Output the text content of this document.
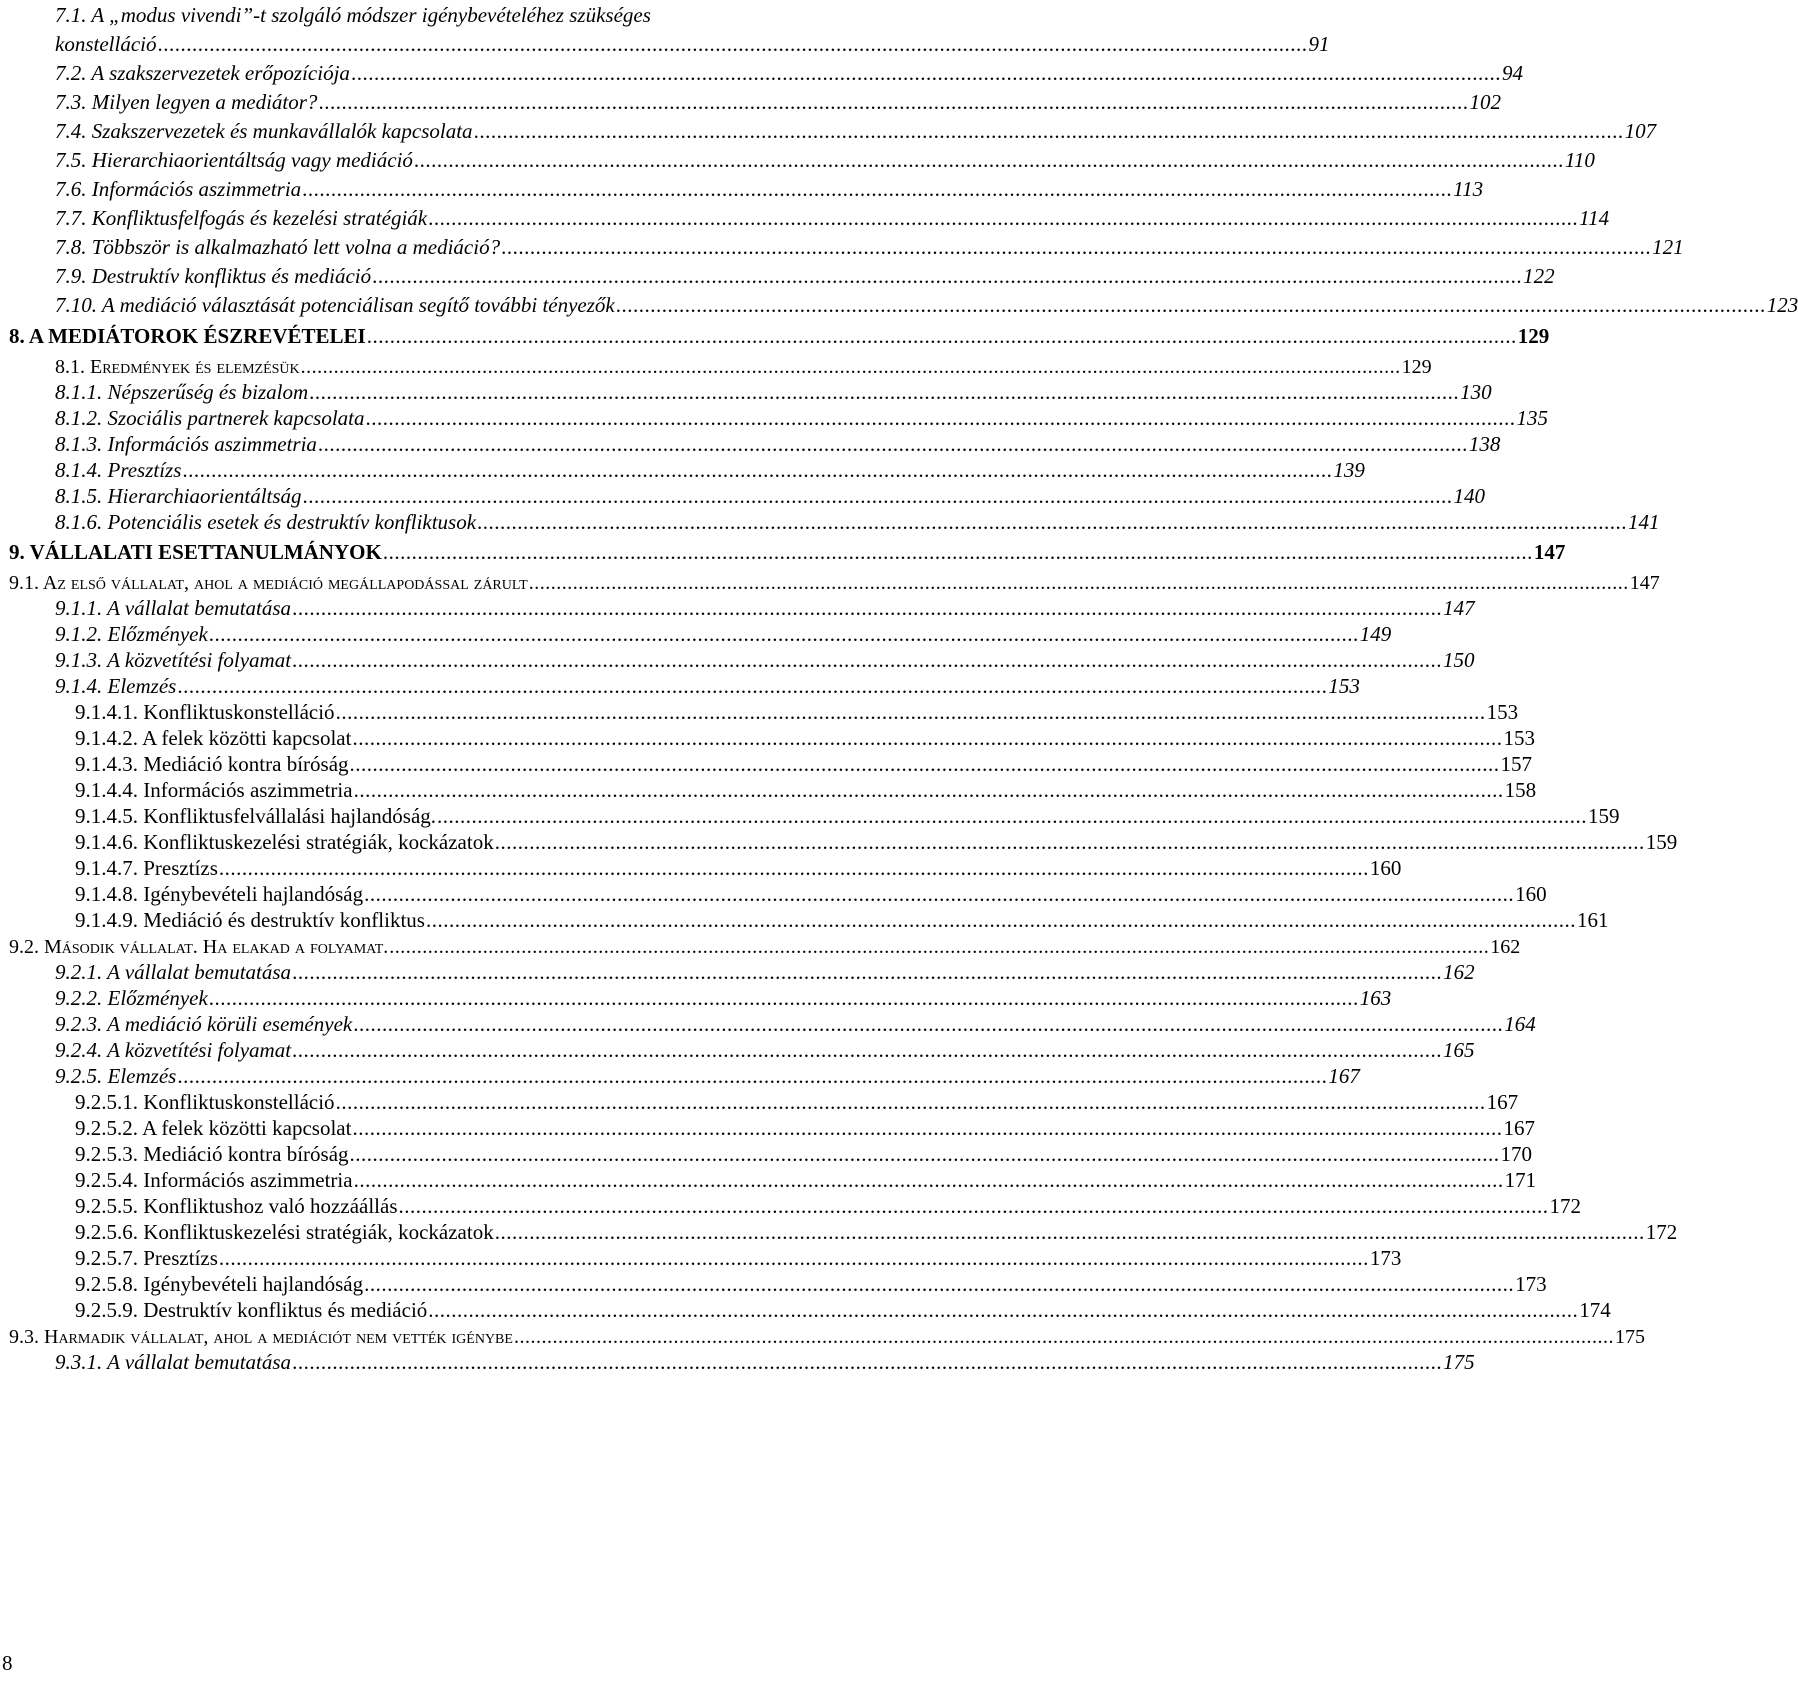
7.1. A „modus vivendi”-t szolgáló módszer igénybevételéhez szükséges
konstelláció ........................................................................................................................................................................................................ 91
7.2. A szakszervezetek erőpozíciója ........................................................................................................................................................................................................ 94
7.3. Milyen legyen a mediátor? ........................................................................................................................................................................................................ 102
7.4. Szakszervezetek és munkavállalók kapcsolata ........................................................................................................................................................................................................ 107
7.5. Hierarchiaorientáltság vagy mediáció ........................................................................................................................................................................................................ 110
7.6. Információs aszimmetria ........................................................................................................................................................................................................ 113
7.7. Konfliktusfelfogás és kezelési stratégiák ........................................................................................................................................................................................................ 114
7.8. Többször is alkalmazható lett volna a mediáció? ........................................................................................................................................................................................................ 121
7.9. Destruktív konfliktus és mediáció ........................................................................................................................................................................................................ 122
7.10. A mediáció választását potenciálisan segítő további tényezők ........................................................................................................................................................................................................ 123
8. A MEDIÁTOROK ÉSZREVÉTELEI ........................................................................................................................................................................................................ 129
8.1. Eredmények és elemzésük ........................................................................................................................................................................................................ 129
8.1.1. Népszerűség és bizalom ........................................................................................................................................................................................................ 130
8.1.2. Szociális partnerek kapcsolata ........................................................................................................................................................................................................ 135
8.1.3. Információs aszimmetria ........................................................................................................................................................................................................ 138
8.1.4. Presztízs ........................................................................................................................................................................................................ 139
8.1.5. Hierarchiaorientáltság ........................................................................................................................................................................................................ 140
8.1.6. Potenciális esetek és destruktív konfliktusok ........................................................................................................................................................................................................ 141
9. VÁLLALATI ESETTANULMÁNYOK ........................................................................................................................................................................................................ 147
9.1. Az első vállalat, ahol a mediáció megállapodással zárult ........................................................................................................................................................................................................ 147
9.1.1. A vállalat bemutatása ........................................................................................................................................................................................................ 147
9.1.2. Előzmények ........................................................................................................................................................................................................ 149
9.1.3. A közvetítési folyamat ........................................................................................................................................................................................................ 150
9.1.4. Elemzés ........................................................................................................................................................................................................ 153
9.1.4.1. Konfliktuskonstelláció ........................................................................................................................................................................................................ 153
9.1.4.2. A felek közötti kapcsolat ........................................................................................................................................................................................................ 153
9.1.4.3. Mediáció kontra bíróság ........................................................................................................................................................................................................ 157
9.1.4.4. Információs aszimmetria ........................................................................................................................................................................................................ 158
9.1.4.5. Konfliktusfelvállalási hajlandóság. ........................................................................................................................................................................................................ 159
9.1.4.6. Konfliktuskezelési stratégiák, kockázatok ........................................................................................................................................................................................................ 159
9.1.4.7. Presztízs ........................................................................................................................................................................................................ 160
9.1.4.8. Igénybevételi hajlandóság ........................................................................................................................................................................................................ 160
9.1.4.9. Mediáció és destruktív konfliktus ........................................................................................................................................................................................................ 161
9.2. Második vállalat. Ha elakad a folyamat. ........................................................................................................................................................................................................ 162
9.2.1. A vállalat bemutatása ........................................................................................................................................................................................................ 162
9.2.2. Előzmények ........................................................................................................................................................................................................ 163
9.2.3. A mediáció körüli események ........................................................................................................................................................................................................ 164
9.2.4. A közvetítési folyamat ........................................................................................................................................................................................................ 165
9.2.5. Elemzés ........................................................................................................................................................................................................ 167
9.2.5.1. Konfliktuskonstelláció ........................................................................................................................................................................................................ 167
9.2.5.2. A felek közötti kapcsolat ........................................................................................................................................................................................................ 167
9.2.5.3. Mediáció kontra bíróság ........................................................................................................................................................................................................ 170
9.2.5.4. Információs aszimmetria ........................................................................................................................................................................................................ 171
9.2.5.5. Konfliktushoz való hozzáállás ........................................................................................................................................................................................................ 172
9.2.5.6. Konfliktuskezelési stratégiák, kockázatok ........................................................................................................................................................................................................ 172
9.2.5.7. Presztízs ........................................................................................................................................................................................................ 173
9.2.5.8. Igénybevételi hajlandóság ........................................................................................................................................................................................................ 173
9.2.5.9. Destruktív konfliktus és mediáció ........................................................................................................................................................................................................ 174
9.3. Harmadik vállalat, ahol a mediációt nem vették igénybe ........................................................................................................................................................................................................ 175
9.3.1. A vállalat bemutatása ........................................................................................................................................................................................................ 175
8
